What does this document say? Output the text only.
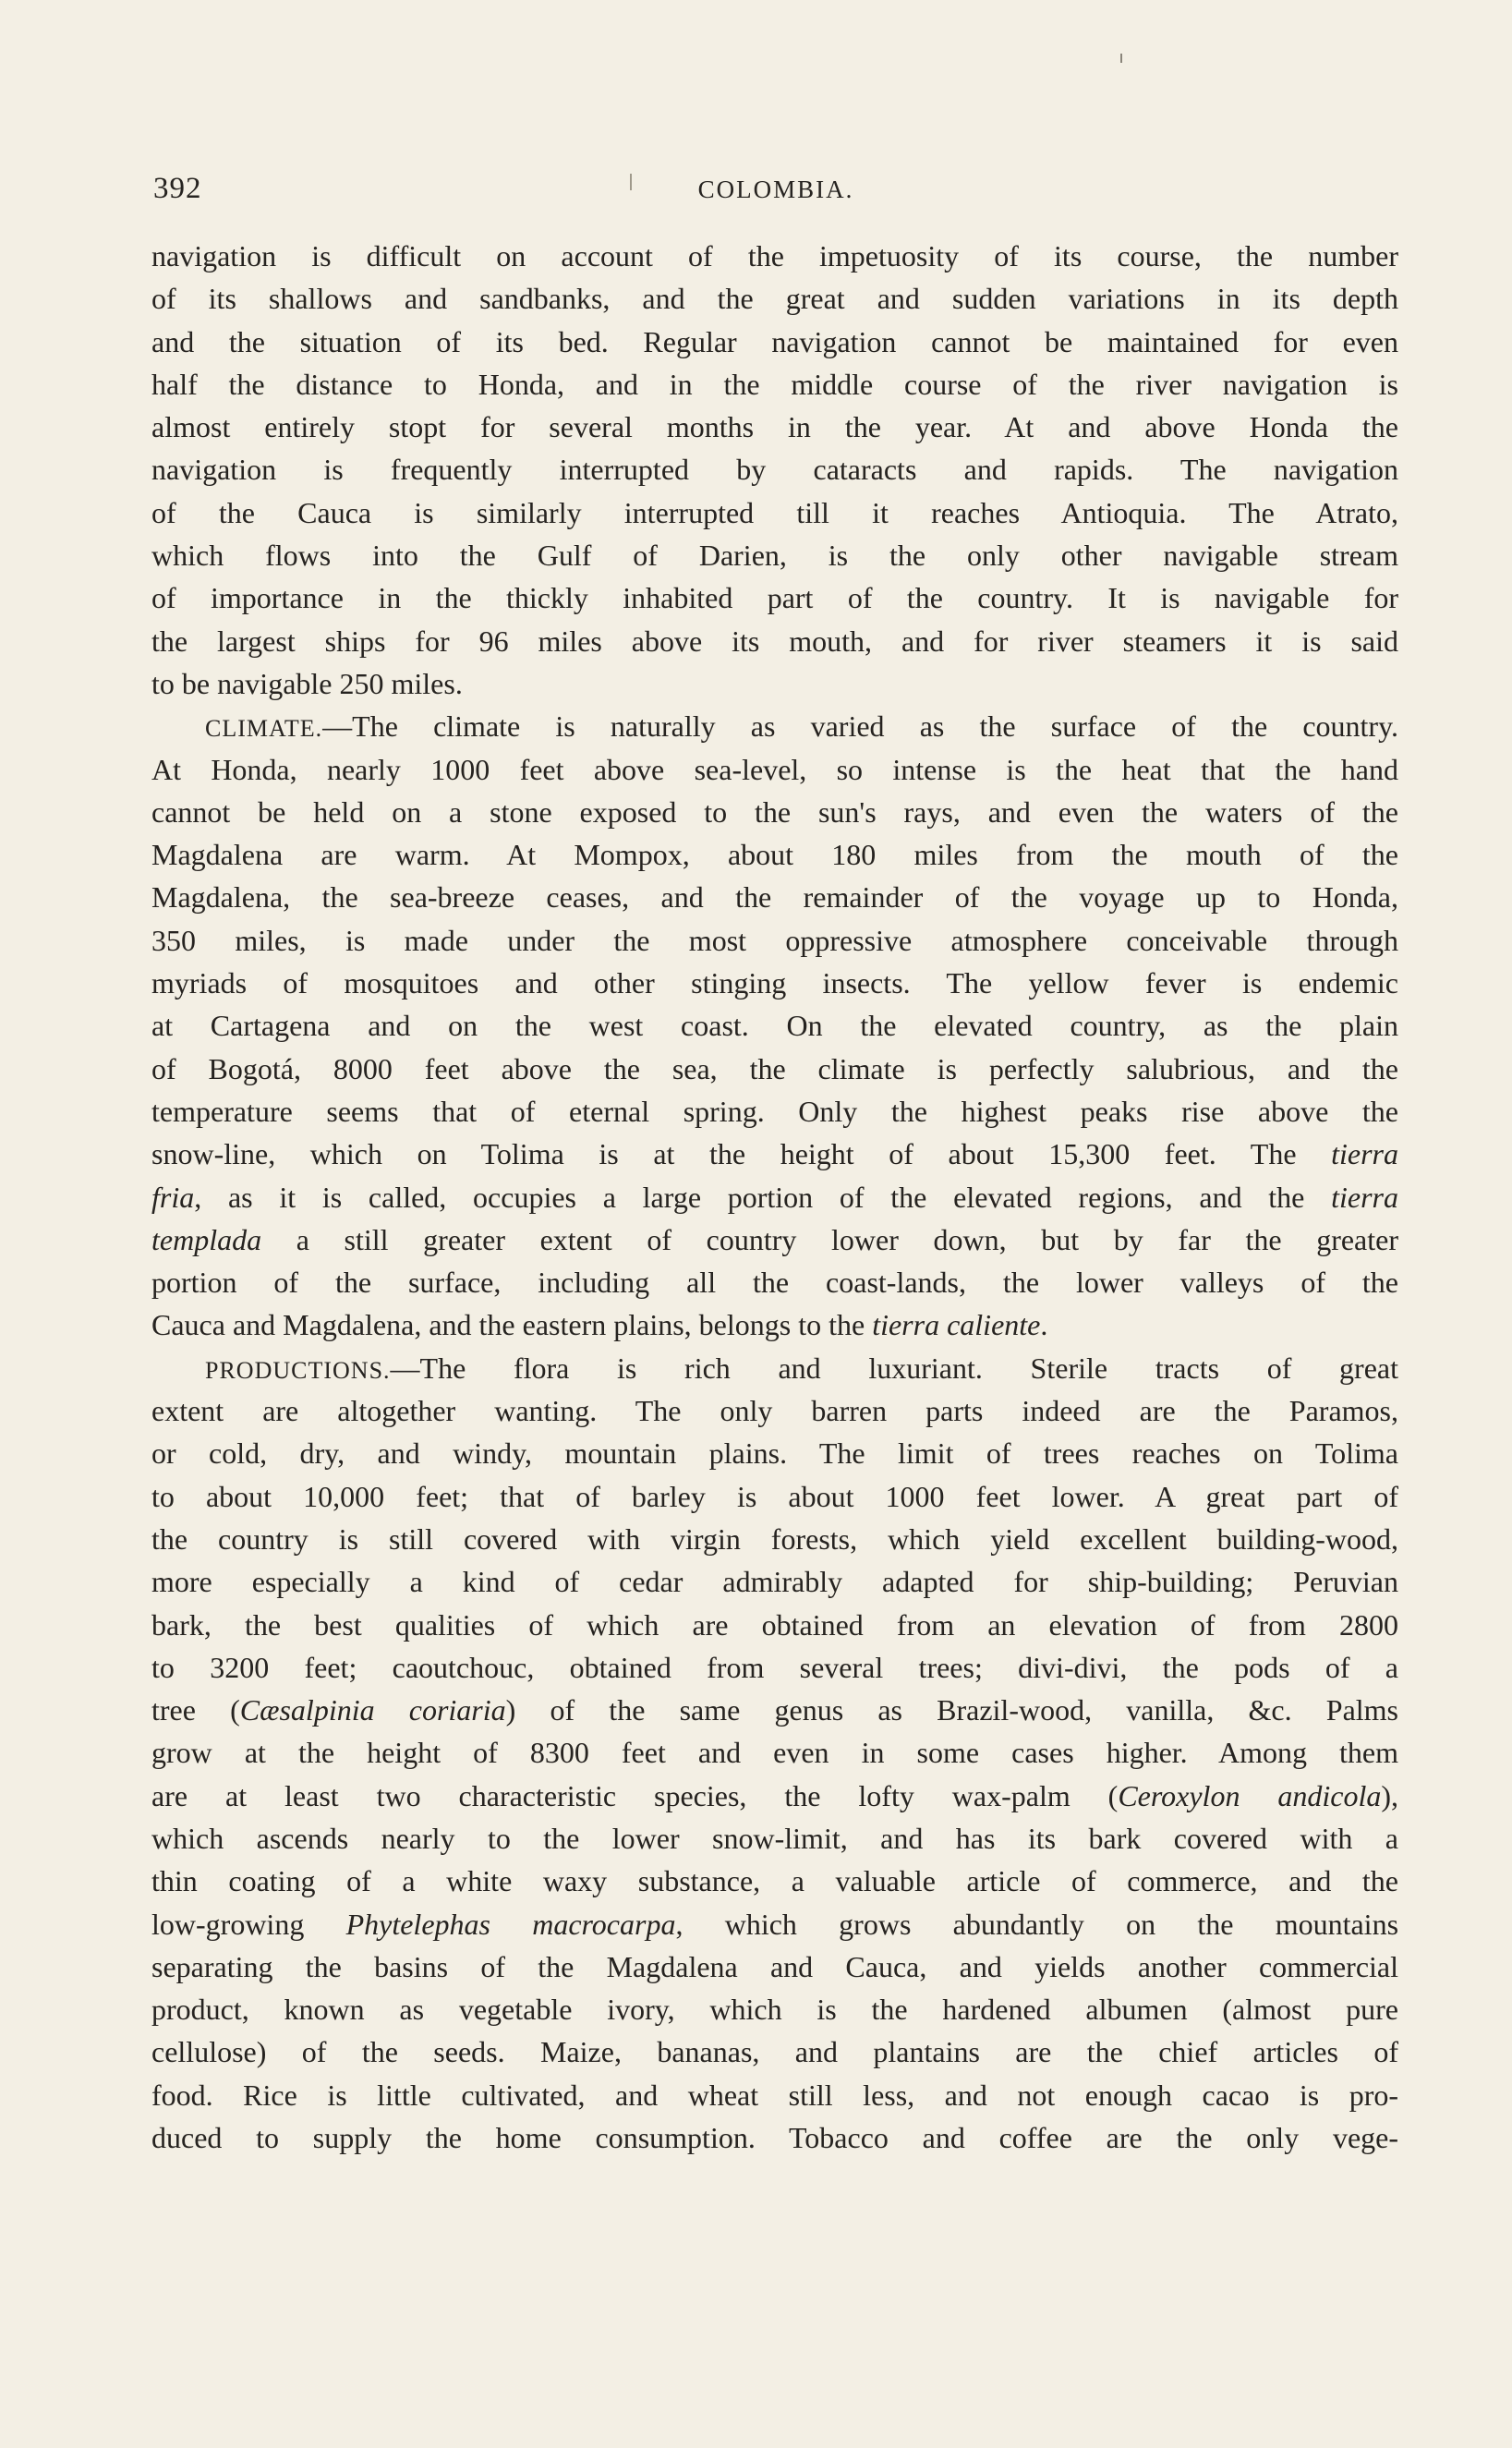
392	COLOMBIA.
navigation is difficult on account of the impetuosity of its course, the number
of its shallows and sandbanks, and the great and sudden variations in its depth
and the situation of its bed. Regular navigation cannot be maintained for even
half the distance to Honda, and in the middle course of the river navigation is
almost entirely stopt for several months in the year. At and above Honda the
navigation is frequently interrupted by cataracts and rapids. The navigation
of the Cauca is similarly interrupted till it reaches Antioquia. The Atrato,
which flows into the Gulf of Darien, is the only other navigable stream
of importance in the thickly inhabited part of the country. It is navigable for
the largest ships for 96 miles above its mouth, and for river steamers it is said
to be navigable 250 miles.
CLIMATE.—The climate is naturally as varied as the surface of the country.
At Honda, nearly 1000 feet above sea-level, so intense is the heat that the hand
cannot be held on a stone exposed to the sun's rays, and even the waters of the
Magdalena are warm. At Mompox, about 180 miles from the mouth of the
Magdalena, the sea-breeze ceases, and the remainder of the voyage up to Honda,
350 miles, is made under the most oppressive atmosphere conceivable through
myriads of mosquitoes and other stinging insects. The yellow fever is endemic
at Cartagena and on the west coast. On the elevated country, as the plain
of Bogotá, 8000 feet above the sea, the climate is perfectly salubrious, and the
temperature seems that of eternal spring. Only the highest peaks rise above the
snow-line, which on Tolima is at the height of about 15,300 feet. The tierra
fria, as it is called, occupies a large portion of the elevated regions, and the tierra
templada a still greater extent of country lower down, but by far the greater
portion of the surface, including all the coast-lands, the lower valleys of the
Cauca and Magdalena, and the eastern plains, belongs to the tierra caliente.
PRODUCTIONS.—The flora is rich and luxuriant. Sterile tracts of great
extent are altogether wanting. The only barren parts indeed are the Paramos,
or cold, dry, and windy, mountain plains. The limit of trees reaches on Tolima
to about 10,000 feet; that of barley is about 1000 feet lower. A great part of
the country is still covered with virgin forests, which yield excellent building-wood,
more especially a kind of cedar admirably adapted for ship-building; Peruvian
bark, the best qualities of which are obtained from an elevation of from 2800
to 3200 feet; caoutchouc, obtained from several trees; divi-divi, the pods of a
tree (Cæsalpinia coriaria) of the same genus as Brazil-wood, vanilla, &c. Palms
grow at the height of 8300 feet and even in some cases higher. Among them
are at least two characteristic species, the lofty wax-palm (Ceroxylon andicola),
which ascends nearly to the lower snow-limit, and has its bark covered with a
thin coating of a white waxy substance, a valuable article of commerce, and the
low-growing Phytelephas macrocarpa, which grows abundantly on the mountains
separating the basins of the Magdalena and Cauca, and yields another commercial
product, known as vegetable ivory, which is the hardened albumen (almost pure
cellulose) of the seeds. Maize, bananas, and plantains are the chief articles of
food. Rice is little cultivated, and wheat still less, and not enough cacao is pro-
duced to supply the home consumption. Tobacco and coffee are the only vege-
